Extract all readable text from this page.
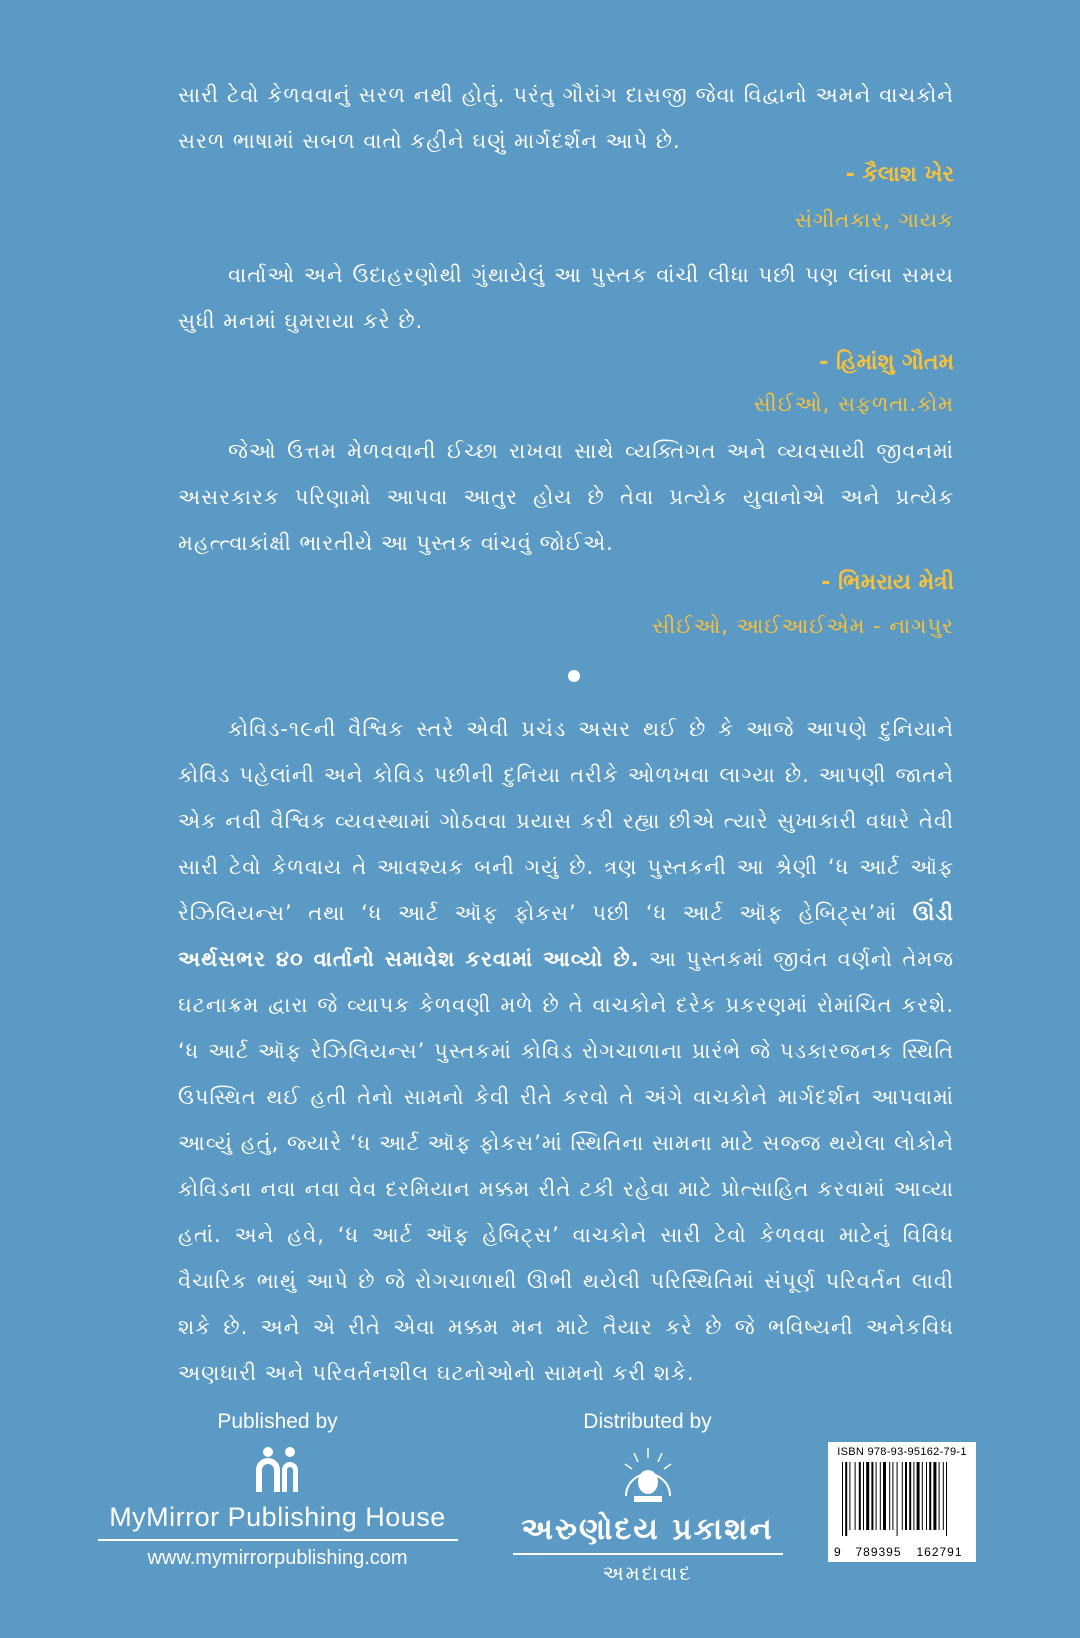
સારી ટેવો કેળવવાનું સરળ નથી હોતું. પરંતુ ગૌરાંગ દાસજી જેવા વિદ્વાનો અમને વાચકોને સરળ ભાષામાં સબળ વાતો કહીને ઘણું માર્ગદર્શન આપે છે.
- કૈલાશ ખેર
સંગીતકાર, ગાયક
વાર્તાઓ અને ઉદાહરણોથી ગુંથાયેલું આ પુસ્તક વાંચી લીધા પછી પણ લાંબા સમય સુધી મનમાં ઘુમરાયા કરે છે.
- હિમાંશુ ગૌતમ
સીઈઓ, સફળતા.કોમ
જેઓ ઉત્તમ મેળવવાની ઈચ્છા રાખવા સાથે વ્યક્તિગત અને વ્યવસાયી જીવનમાં અસરકારક પરિણામો આપવા આતુર હોય છે તેવા પ્રત્યેક યુવાનોએ અને પ્રત્યેક મહત્ત્વાકાંક્ષી ભારતીયે આ પુસ્તક વાંચવું જોઈએ.
- ભિમરાય મેત્રી
સીઈઓ, આઈઆઈએમ - નાગપુર
કોવિડ-૧૯ની વૈશ્વિક સ્તરે એવી પ્રચંડ અસર થઈ છે કે આજે આપણે દુનિયાને કોવિડ પહેલાંની અને કોવિડ પછીની દુનિયા તરીકે ઓળખવા લાગ્યા છે. આપણી જાતને એક નવી વૈશ્વિક વ્યવસ્થામાં ગોઠવવા પ્રયાસ કરી રહ્યા છીએ ત્યારે સુખાકારી વધારે તેવી સારી ટેવો કેળવાય તે આવશ્યક બની ગયું છે. ત્રણ પુસ્તકની આ શ્રેણી ‘ધ આર્ટ ઑફ રેઝિલિયન્સ’ તથા ‘ધ આર્ટ ઑફ ફોકસ’ પછી ‘ધ આર્ટ ઑફ હેબિટ્સ’માં ઊંડી અર્થસભર ૪૦ વાર્તાનો સમાવેશ કરવામાં આવ્યો છે. આ પુસ્તકમાં જીવંત વર્ણનો તેમજ ઘટનાક્રમ દ્વારા જે વ્યાપક કેળવણી મળે છે તે વાચકોને દરેક પ્રકરણમાં રોમાંચિત કરશે. ‘ધ આર્ટ ઑફ રેઝિલિયન્સ’ પુસ્તકમાં કોવિડ રોગચાળાના પ્રારંભે જે પડકારજનક સ્થિતિ ઉપસ્થિત થઈ હતી તેનો સામનો કેવી રીતે કરવો તે અંગે વાચકોને માર્ગદર્શન આપવામાં આવ્યું હતું, જ્યારે ‘ધ આર્ટ ઑફ ફોકસ’માં સ્થિતિના સામના માટે સજ્જ થયેલા લોકોને કોવિડના નવા નવા વેવ દરમિયાન મક્કમ રીતે ટકી રહેવા માટે પ્રોત્સાહિત કરવામાં આવ્યા હતાં. અને હવે, ‘ધ આર્ટ ઑફ હેબિટ્સ’ વાચકોને સારી ટેવો કેળવવા માટેનું વિવિધ વૈચારિક ભાથું આપે છે જે રોગચાળાથી ઊભી થયેલી પરિસ્થિતિમાં સંપૂર્ણ પરિવર્તન લાવી શકે છે. અને એ રીતે એવા મક્કમ મન માટે તૈયાર કરે છે જે ભવિષ્યની અનેકવિધ અણધારી અને પરિવર્તનશીલ ઘટનોઓનો સામનો કરી શકે.
Published by
MyMirror Publishing House
www.mymirrorpublishing.com
Distributed by
અરુણોદય પ્રકાશન
અમદાવાદ
ISBN 978-93-95162-79-1
9	789395	162791
